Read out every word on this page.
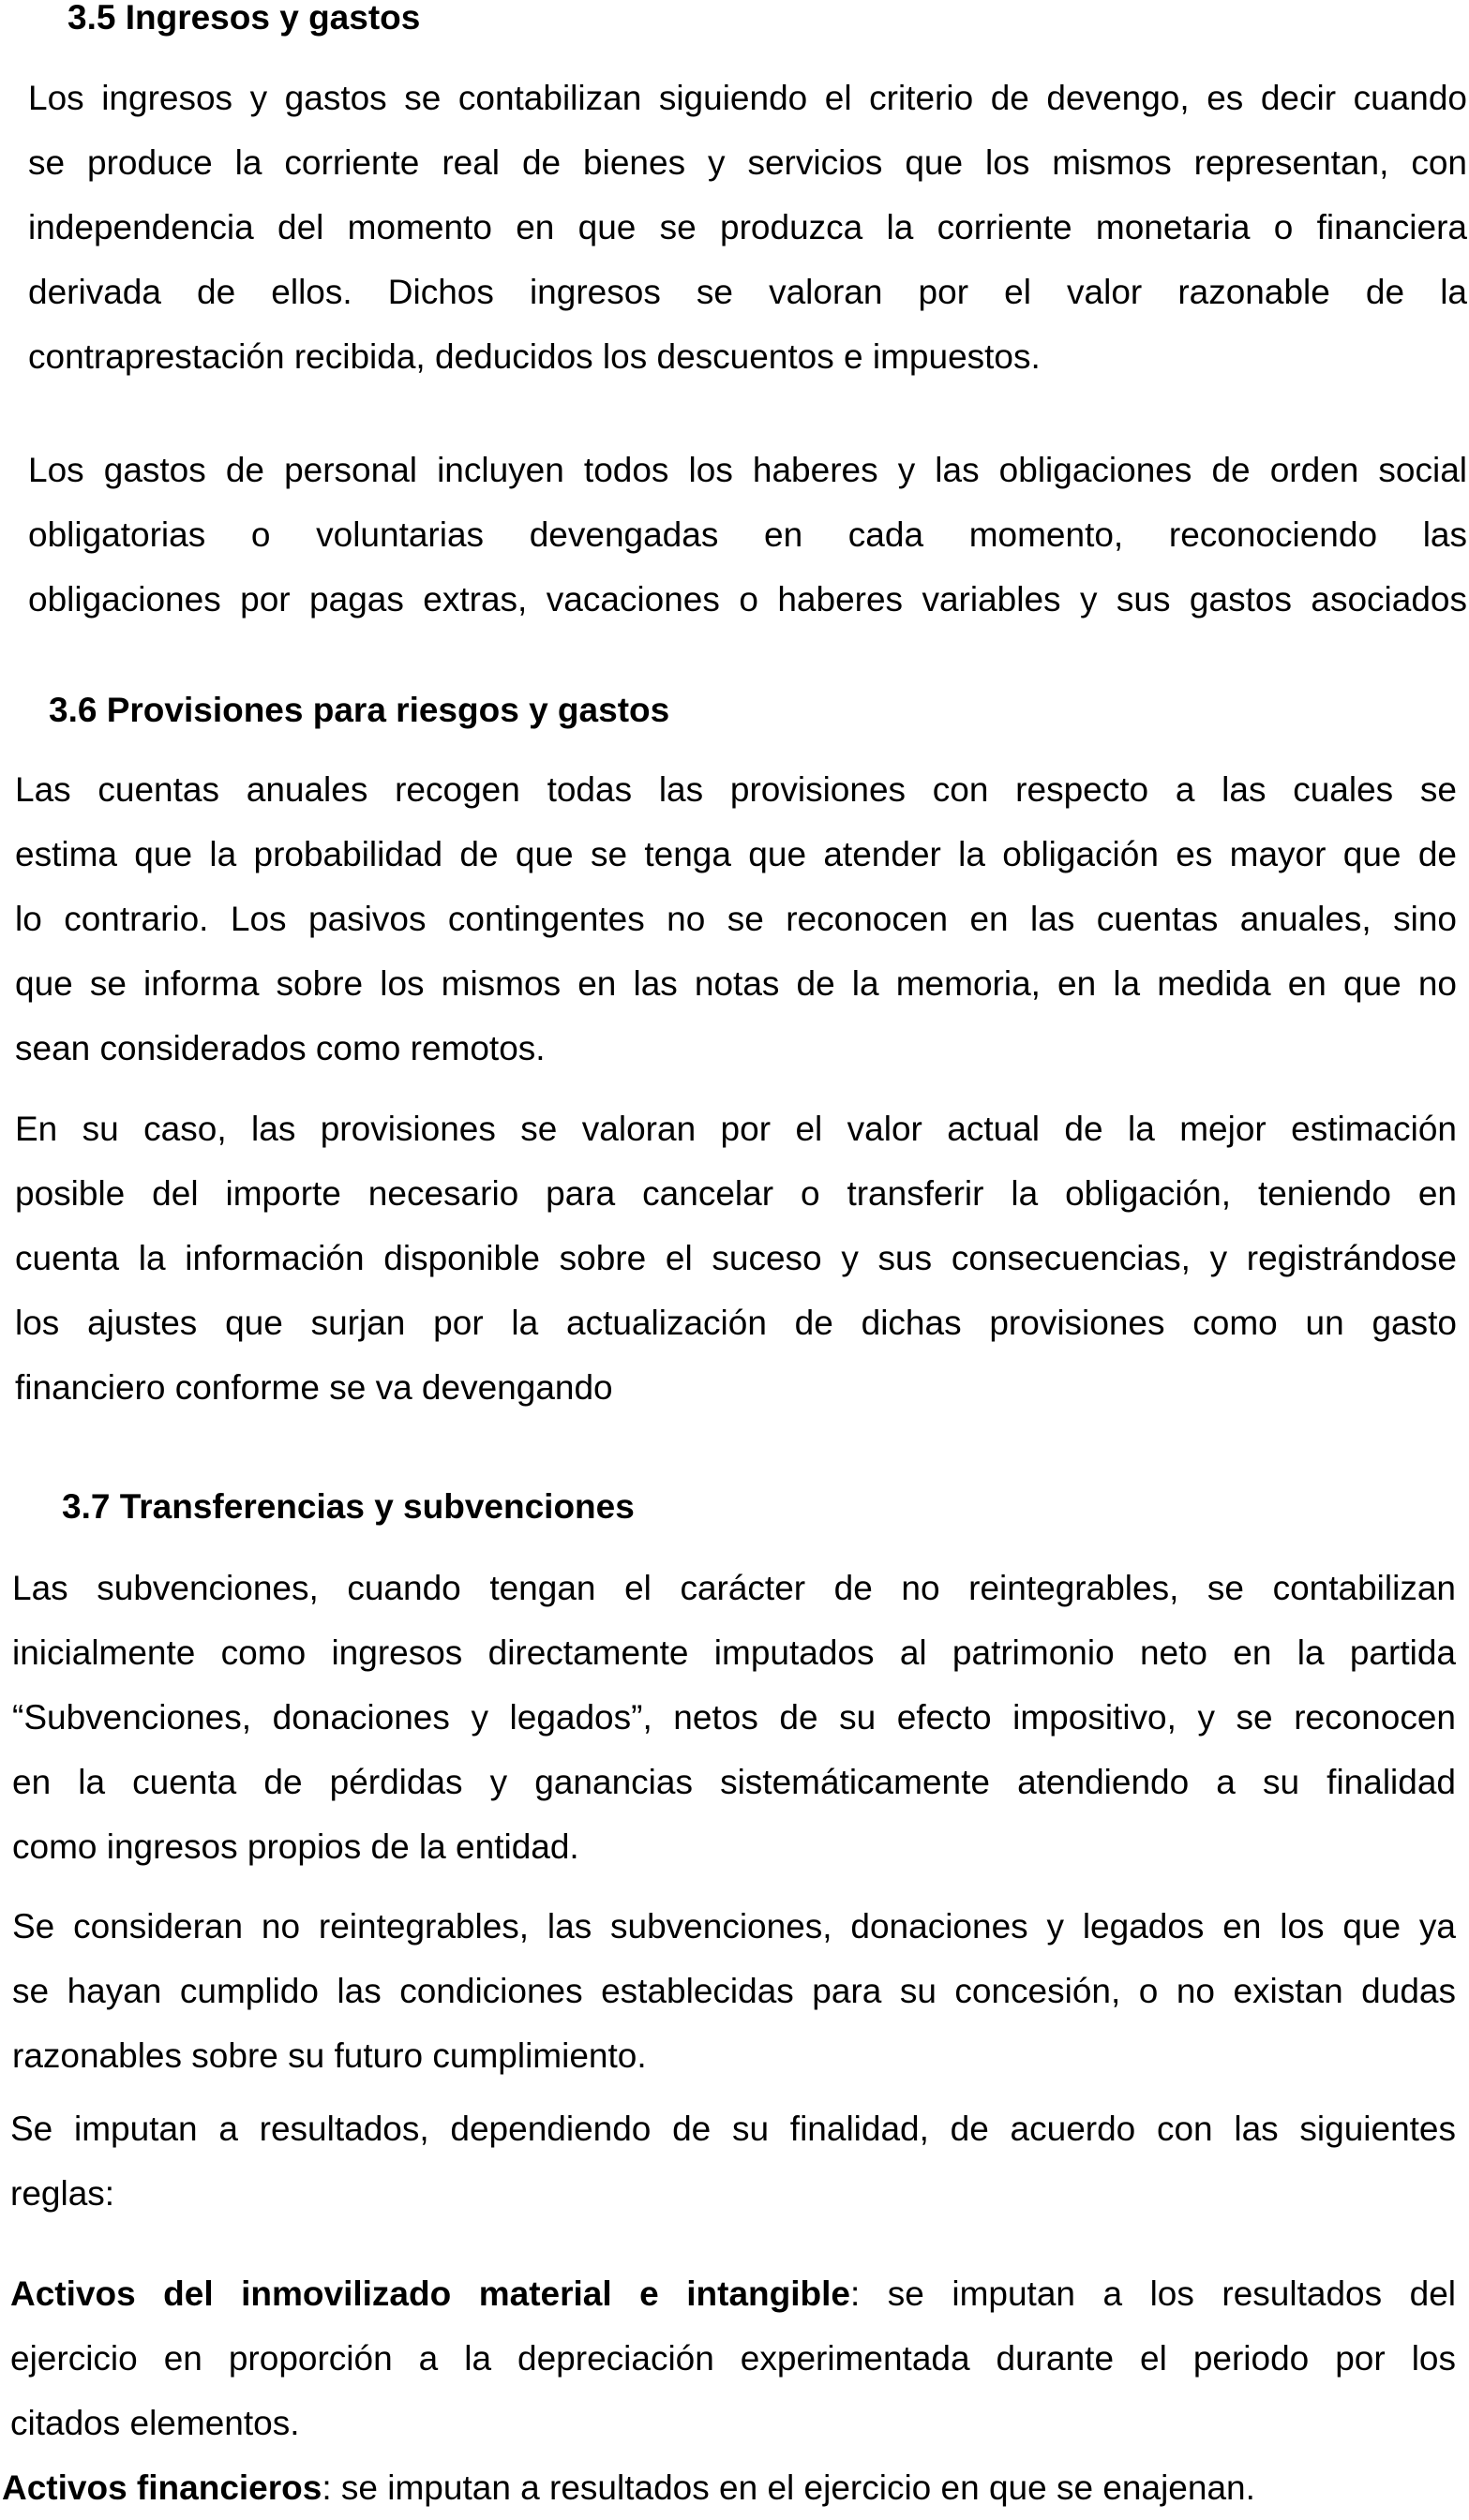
3.5 Ingresos y gastos
Los ingresos y gastos se contabilizan siguiendo el criterio de devengo, es decir cuando
se produce la corriente real de bienes y servicios que los mismos representan, con
independencia del momento en que se produzca la corriente monetaria o financiera
derivada de ellos. Dichos ingresos se valoran por el valor razonable de la
contraprestación recibida, deducidos los descuentos e impuestos.
Los gastos de personal incluyen todos los haberes y las obligaciones de orden social
obligatorias o voluntarias devengadas en cada momento, reconociendo las
obligaciones por pagas extras, vacaciones o haberes variables y sus gastos asociados
3.6 Provisiones para riesgos y gastos
Las cuentas anuales recogen todas las provisiones con respecto a las cuales se
estima que la probabilidad de que se tenga que atender la obligación es mayor que de
lo contrario. Los pasivos contingentes no se reconocen en las cuentas anuales, sino
que se informa sobre los mismos en las notas de la memoria, en la medida en que no
sean considerados como remotos.
En su caso, las provisiones se valoran por el valor actual de la mejor estimación
posible del importe necesario para cancelar o transferir la obligación, teniendo en
cuenta la información disponible sobre el suceso y sus consecuencias, y registrándose
los ajustes que surjan por la actualización de dichas provisiones como un gasto
financiero conforme se va devengando
3.7 Transferencias y subvenciones
Las subvenciones, cuando tengan el carácter de no reintegrables, se contabilizan
inicialmente como ingresos directamente imputados al patrimonio neto en la partida
“Subvenciones, donaciones y legados”, netos de su efecto impositivo, y se reconocen
en la cuenta de pérdidas y ganancias sistemáticamente atendiendo a su finalidad
como ingresos propios de la entidad.
Se consideran no reintegrables, las subvenciones, donaciones y legados en los que ya
se hayan cumplido las condiciones establecidas para su concesión, o no existan dudas
razonables sobre su futuro cumplimiento.
Se imputan a resultados, dependiendo de su finalidad, de acuerdo con las siguientes
reglas:
Activos del inmovilizado material e intangible: se imputan a los resultados del
ejercicio en proporción a la depreciación experimentada durante el periodo por los
citados elementos.
Activos financieros: se imputan a resultados en el ejercicio en que se enajenan.
